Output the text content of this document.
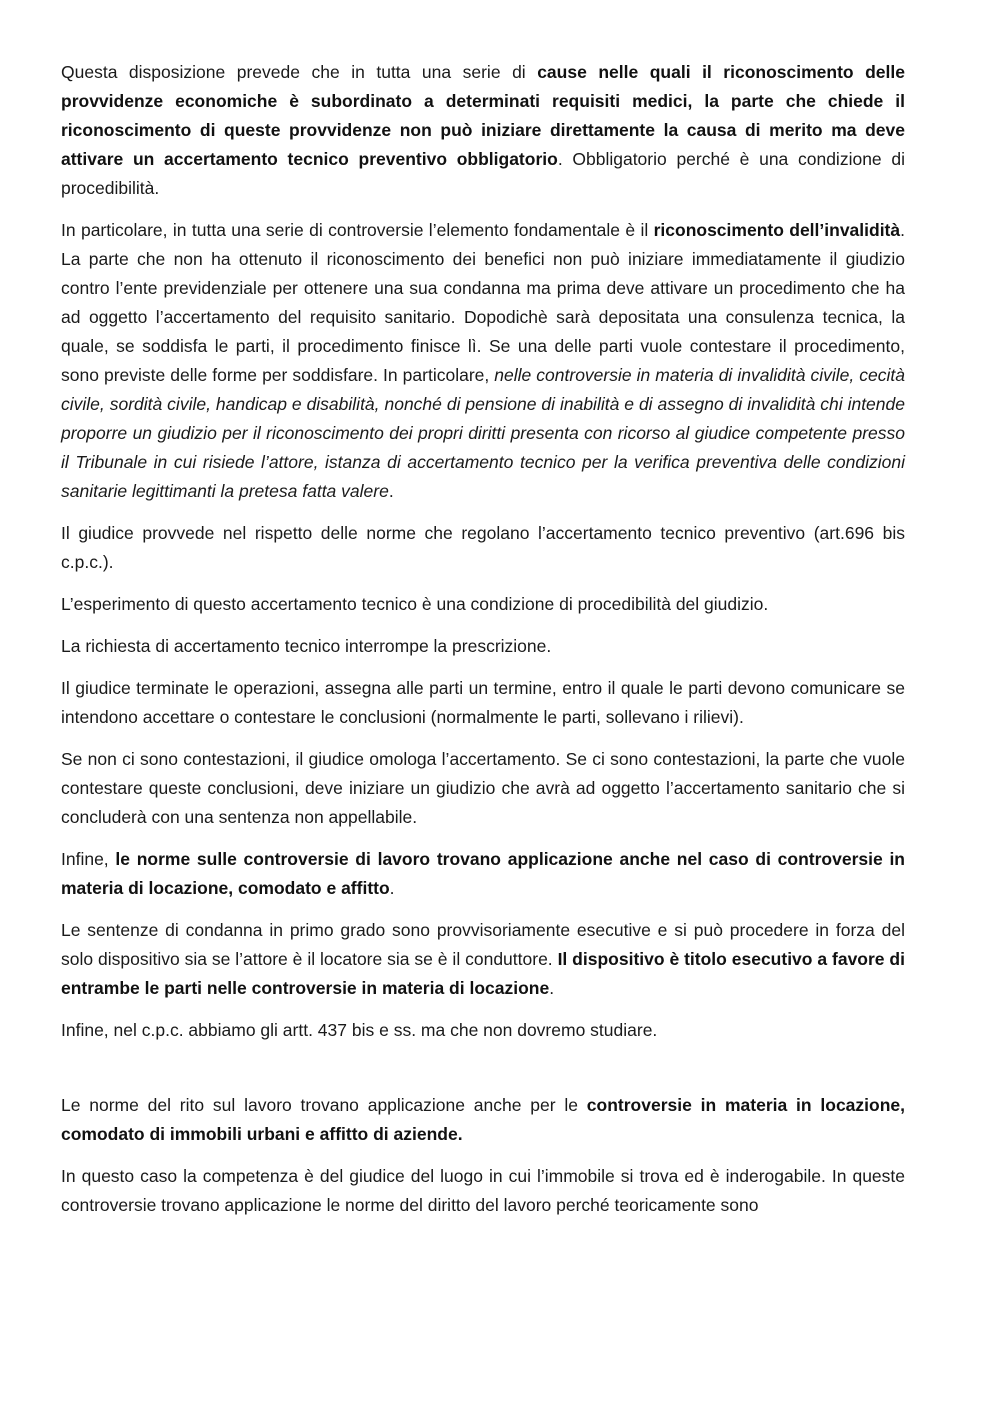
Questa disposizione prevede che in tutta una serie di cause nelle quali il riconoscimento delle provvidenze economiche è subordinato a determinati requisiti medici, la parte che chiede il riconoscimento di queste provvidenze non può iniziare direttamente la causa di merito ma deve attivare un accertamento tecnico preventivo obbligatorio. Obbligatorio perché è una condizione di procedibilità.

In particolare, in tutta una serie di controversie l’elemento fondamentale è il riconoscimento dell’invalidità. La parte che non ha ottenuto il riconoscimento dei benefici non può iniziare immediatamente il giudizio contro l’ente previdenziale per ottenere una sua condanna ma prima deve attivare un procedimento che ha ad oggetto l’accertamento del requisito sanitario. Dopodichè sarà depositata una consulenza tecnica, la quale, se soddisfa le parti, il procedimento finisce lì. Se una delle parti vuole contestare il procedimento, sono previste delle forme per soddisfare. In particolare, nelle controversie in materia di invalidità civile, cecità civile, sordità civile, handicap e disabilità, nonché di pensione di inabilità e di assegno di invalidità chi intende proporre un giudizio per il riconoscimento dei propri diritti presenta con ricorso al giudice competente presso il Tribunale in cui risiede l’attore, istanza di accertamento tecnico per la verifica preventiva delle condizioni sanitarie legittimanti la pretesa fatta valere.

Il giudice provvede nel rispetto delle norme che regolano l’accertamento tecnico preventivo (art.696 bis c.p.c.).

L’esperimento di questo accertamento tecnico è una condizione di procedibilità del giudizio.

La richiesta di accertamento tecnico interrompe la prescrizione.

Il giudice terminate le operazioni, assegna alle parti un termine, entro il quale le parti devono comunicare se intendono accettare o contestare le conclusioni (normalmente le parti, sollevano i rilievi).

Se non ci sono contestazioni, il giudice omologa l’accertamento. Se ci sono contestazioni, la parte che vuole contestare queste conclusioni, deve iniziare un giudizio che avrà ad oggetto l’accertamento sanitario che si concluderà con una sentenza non appellabile.

Infine, le norme sulle controversie di lavoro trovano applicazione anche nel caso di controversie in materia di locazione, comodato e affitto.

Le sentenze di condanna in primo grado sono provvisoriamente esecutive e si può procedere in forza del solo dispositivo sia se l’attore è il locatore sia se è il conduttore. Il dispositivo è titolo esecutivo a favore di entrambe le parti nelle controversie in materia di locazione.

Infine, nel c.p.c. abbiamo gli artt. 437 bis e ss. ma che non dovremo studiare.

Le norme del rito sul lavoro trovano applicazione anche per le controversie in materia in locazione, comodato di immobili urbani e affitto di aziende.

In questo caso la competenza è del giudice del luogo in cui l’immobile si trova ed è inderogabile. In queste controversie trovano applicazione le norme del diritto del lavoro perché teoricamente sono
